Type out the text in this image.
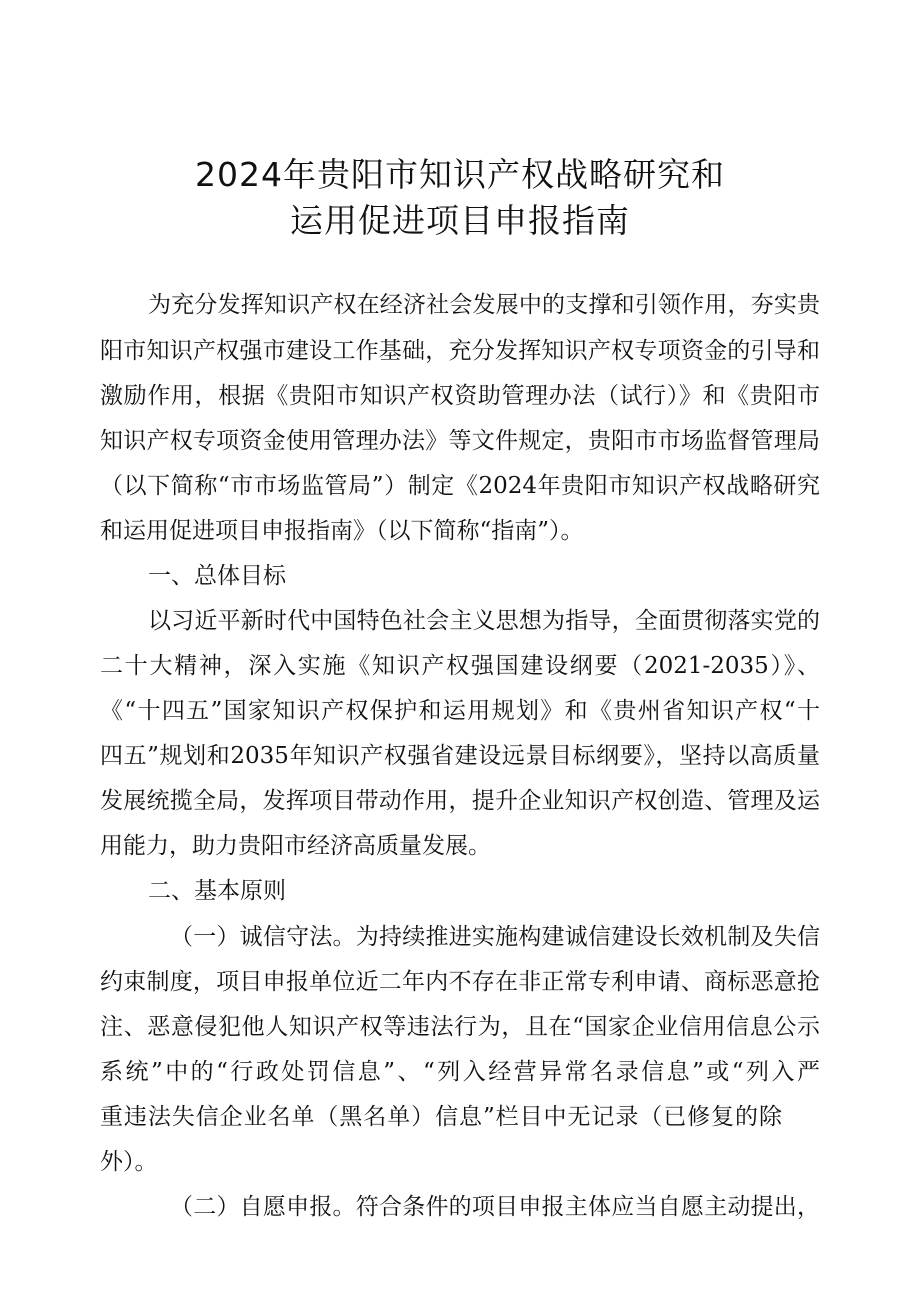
2024年贵阳市知识产权战略研究和
运用促进项目申报指南
为充分发挥知识产权在经济社会发展中的支撑和引领作用，夯实贵
阳市知识产权强市建设工作基础，充分发挥知识产权专项资金的引导和
激励作用，根据《贵阳市知识产权资助管理办法（试行）》和《贵阳市
知识产权专项资金使用管理办法》等文件规定，贵阳市市场监督管理局
（以下简称“市市场监管局”）制定《2024年贵阳市知识产权战略研究
和运用促进项目申报指南》（以下简称“指南”）。
一、总体目标
以习近平新时代中国特色社会主义思想为指导，全面贯彻落实党的
二十大精神，深入实施《知识产权强国建设纲要（2021-2035）》、
《“十四五”国家知识产权保护和运用规划》和《贵州省知识产权“十
四五”规划和2035年知识产权强省建设远景目标纲要》，坚持以高质量
发展统揽全局，发挥项目带动作用，提升企业知识产权创造、管理及运
用能力，助力贵阳市经济高质量发展。
二、基本原则
（一）诚信守法。为持续推进实施构建诚信建设长效机制及失信
约束制度，项目申报单位近二年内不存在非正常专利申请、商标恶意抢
注、恶意侵犯他人知识产权等违法行为，且在“国家企业信用信息公示
系统”中的“行政处罚信息”、“列入经营异常名录信息”或“列入严
重违法失信企业名单（黑名单）信息”栏目中无记录（已修复的除
外）。
（二）自愿申报。符合条件的项目申报主体应当自愿主动提出，
